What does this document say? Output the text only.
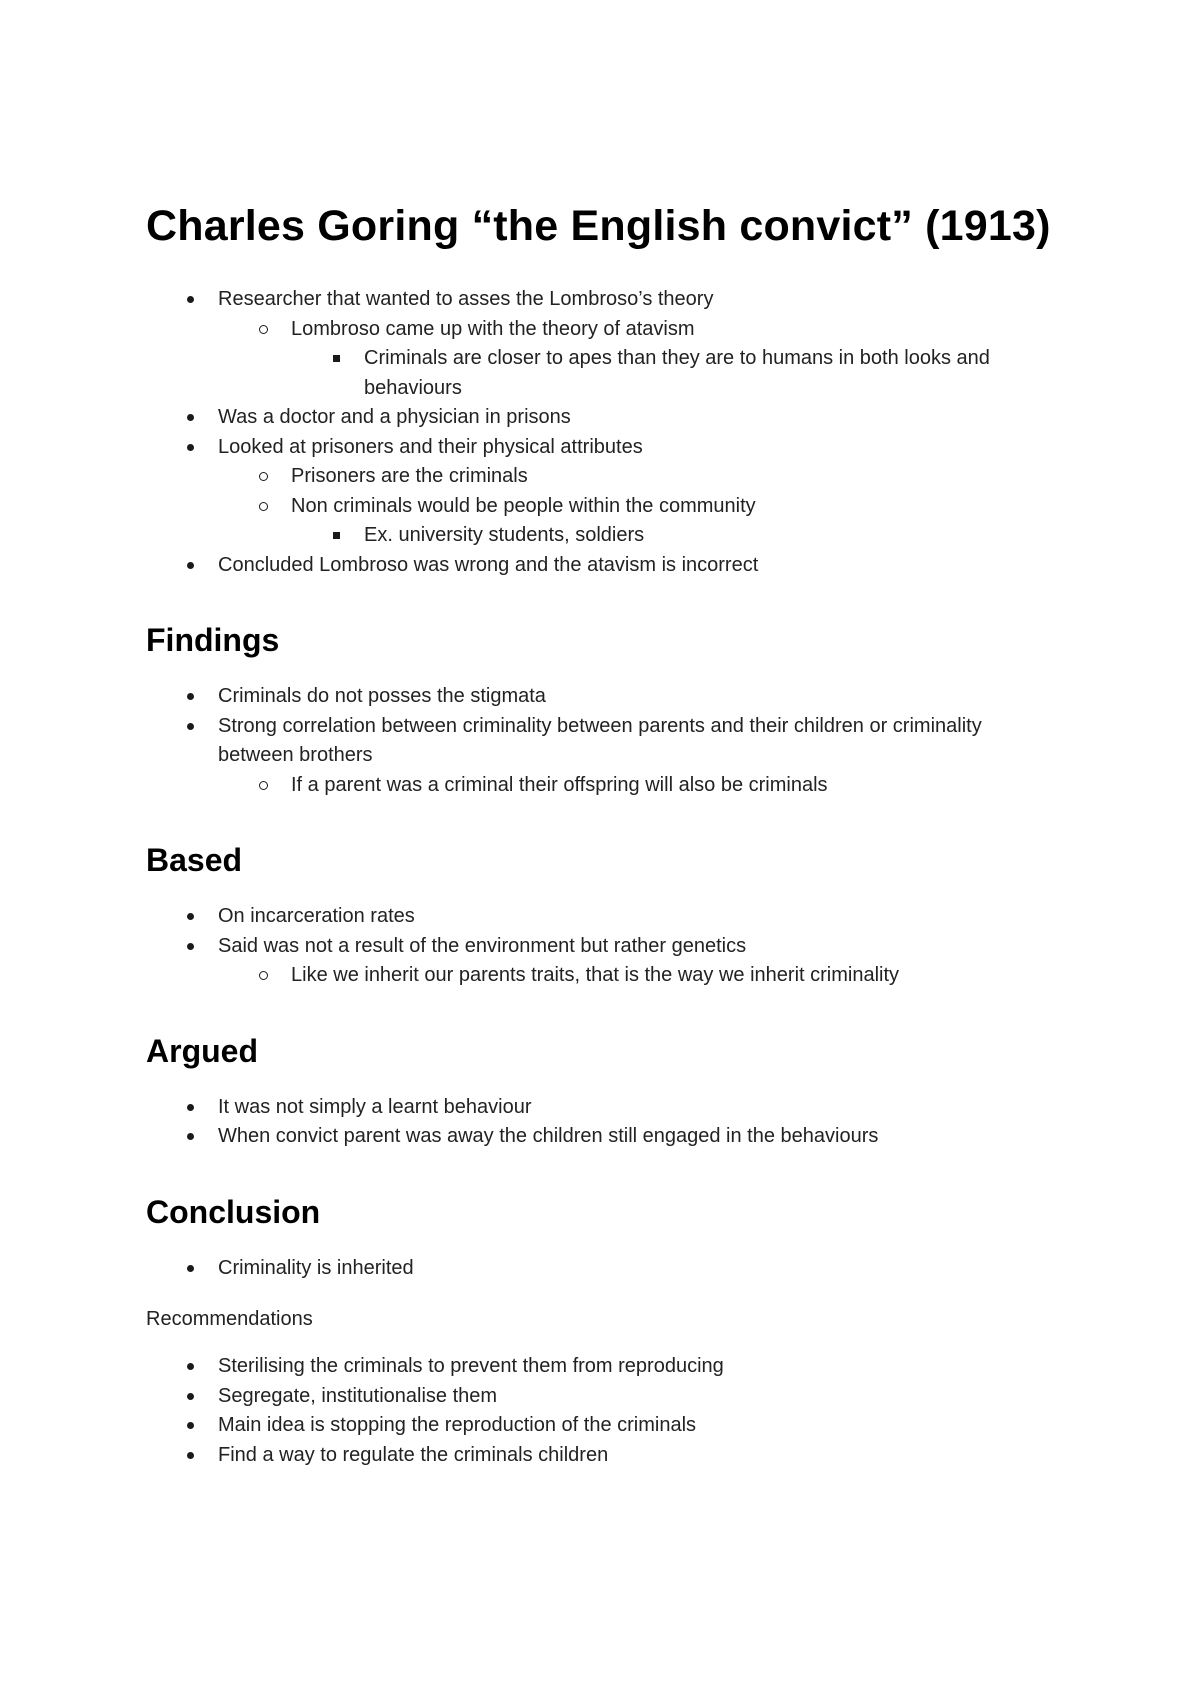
Charles Goring “the English convict” (1913)
Researcher that wanted to asses the Lombroso’s theory
Lombroso came up with the theory of atavism
Criminals are closer to apes than they are to humans in both looks and behaviours
Was a doctor and a physician in prisons
Looked at prisoners and their physical attributes
Prisoners are the criminals
Non criminals would be people within the community
Ex. university students, soldiers
Concluded Lombroso was wrong and the atavism is incorrect
Findings
Criminals do not posses the stigmata
Strong correlation between criminality between parents and their children or criminality between brothers
If a parent was a criminal their offspring will also be criminals
Based
On incarceration rates
Said was not a result of the environment but rather genetics
Like we inherit our parents traits, that is the way we inherit criminality
Argued
It was not simply a learnt behaviour
When convict parent was away the children still engaged in the behaviours
Conclusion
Criminality is inherited

Recommendations

Sterilising the criminals to prevent them from reproducing
Segregate, institutionalise them
Main idea is stopping the reproduction of the criminals
Find a way to regulate the criminals children
